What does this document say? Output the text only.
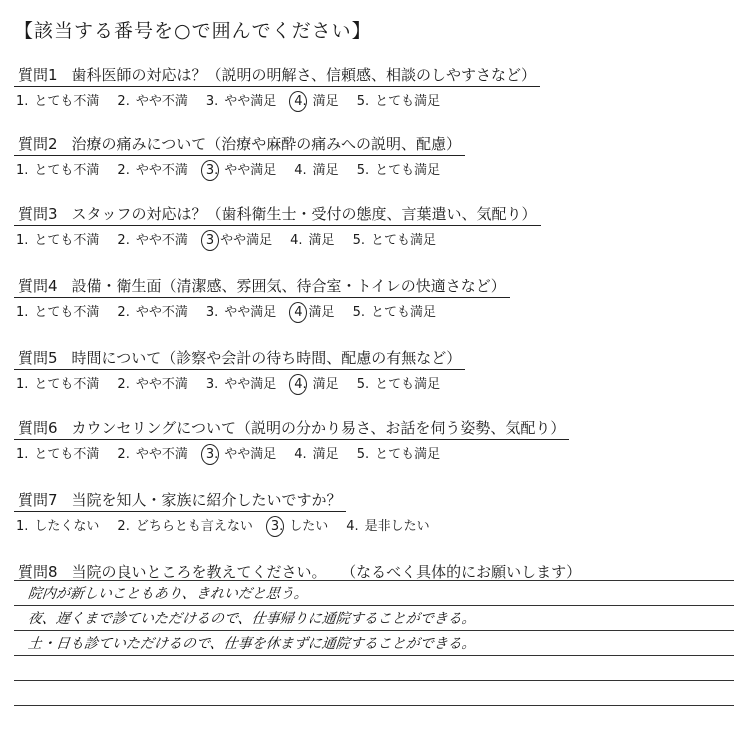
【該当する番号を○で囲んでください】
質問1 歯科医師の対応は？（説明の明解さ、信頼感、相談のしやすさなど）
1. とても不満 2. やや不満 3. やや満足 4. 満足 5. とても満足
質問2 治療の痛みについて（治療や麻酔の痛みへの説明、配慮）
1. とても不満 2. やや不満 3. やや満足 4. 満足 5. とても満足
質問3 スタッフの対応は？（歯科衛生士・受付の態度、言葉遣い、気配り）
1. とても不満 2. やや不満 3 やや満足 4. 満足 5. とても満足
質問4 設備・衛生面（清潔感、雰囲気、待合室・トイレの快適さなど）
1. とても不満 2. やや不満 3. やや満足 4 満足 5. とても満足
質問5 時間について（診察や会計の待ち時間、配慮の有無など）
1. とても不満 2. やや不満 3. やや満足 4. 満足 5. とても満足
質問6 カウンセリングについて（説明の分かり易さ、お話を伺う姿勢、気配り）
1. とても不満 2. やや不満 3. やや満足 4. 満足 5. とても満足
質問7 当院を知人・家族に紹介したいですか？
1. したくない 2. どちらとも言えない 3. したい 4. 是非したい
質問8 当院の良いところを教えてください。 （なるべく具体的にお願いします）
院内が新しいこともあり、きれいだと思う。
夜、遅くまで診ていただけるので、仕事帰りに通院することができる。
土・日も診ていただけるので、仕事を休まずに通院することができる。
